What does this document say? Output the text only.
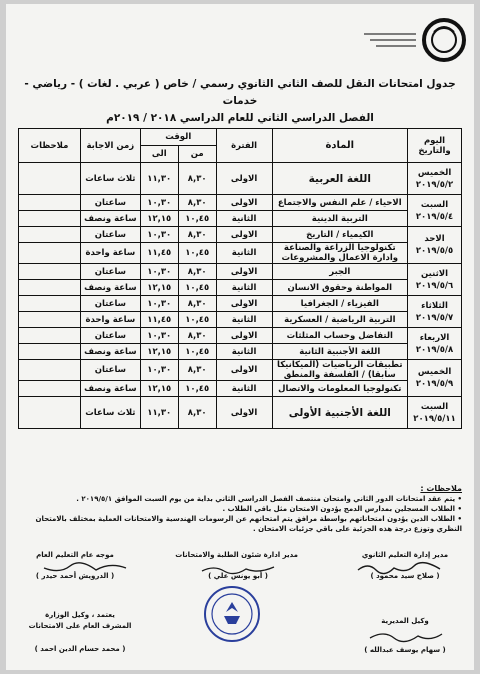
جدول امتحانات النقل للصف الثاني الثانوي رسمي / خاص ( عربي . لغات ) - رياضي - خدمات
الفصل الدراسي الثاني للعام الدراسي ٢٠١٨ / ٢٠١٩م
اليوم والتاريخ	المادة	الفترة	الوقت		زمن الاجابة	ملاحظات
			من	الى		

الخميس
٢٠١٩/٥/٢	اللغة العربية	الاولى	٨,٣٠	١١,٣٠	ثلاث ساعات	

السبت
٢٠١٩/٥/٤	الاحياء / علم النفس والاجتماع	الاولى	٨,٣٠	١٠,٣٠	ساعتان	
	التربية الدينية	الثانية	١٠,٤٥	١٢,١٥	ساعة ونصف	

الاحد
٢٠١٩/٥/٥	الكيمياء / التاريخ	الاولى	٨,٣٠	١٠,٣٠	ساعتان	
	تكنولوجيا الزراعة والصناعة وادارة الاعمال والمشروعات	الثانية	١٠,٤٥	١١,٤٥	ساعة واحدة	

الاثنين
٢٠١٩/٥/٦	الجبر	الاولى	٨,٣٠	١٠,٣٠	ساعتان	
	المواطنة وحقوق الانسان	الثانية	١٠,٤٥	١٢,١٥	ساعة ونصف	

الثلاثاء
٢٠١٩/٥/٧	الفيزياء / الجغرافيا	الاولى	٨,٣٠	١٠,٣٠	ساعتان	
	التربية الرياضية / العسكرية	الثانية	١٠,٤٥	١١,٤٥	ساعة واحدة	

الاربعاء
٢٠١٩/٥/٨	التفاضل وحساب المثلثات	الاولى	٨,٣٠	١٠,٣٠	ساعتان	
	اللغة الأجنبية الثانية	الثانية	١٠,٤٥	١٢,١٥	ساعة ونصف	

الخميس
٢٠١٩/٥/٩	تطبيقات الرياضيات (الميكانيكا سابقا) / الفلسفة والمنطق	الاولى	٨,٣٠	١٠,٣٠	ساعتان	
	تكنولوجيا المعلومات والاتصال	الثانية	١٠,٤٥	١٢,١٥	ساعة ونصف	

السبت
٢٠١٩/٥/١١	اللغة الأجنبية الأولى	الاولى	٨,٣٠	١١,٣٠	ثلاث ساعات	
ملاحظات :
• يتم عقد امتحانات الدور الثاني وامتحان منتصف الفصل الدراسي الثاني بداية من يوم السبت الموافق ٢٠١٩/٥/١ .
• الطلاب المسجلين بمدارس الدمج يؤدون الامتحان مثل باقي الطلاب .
• الطلاب الذين يؤدون امتحاناتهم بواسطة مرافق يتم امتحانهم عن الرسومات الهندسية والامتحانات العملية بمختلف بالامتحان النظري وتوزع درجة هذه الجزئية على باقي جزئيات الامتحان .
مدير إدارة التعليم الثانوي
( صلاح سيد محمود )
مدير ادارة شئون الطلبة والامتحانات
( أبو يونس علي )
موجه عام التعليم العام
( الدرويش أحمد حيدر )
وكيل المديرية
( سهام يوسف عبدالله )
يعتمد ، وكيل الوزارة
المشرف العام على الامتحانات
( محمد حسام الدين احمد )
